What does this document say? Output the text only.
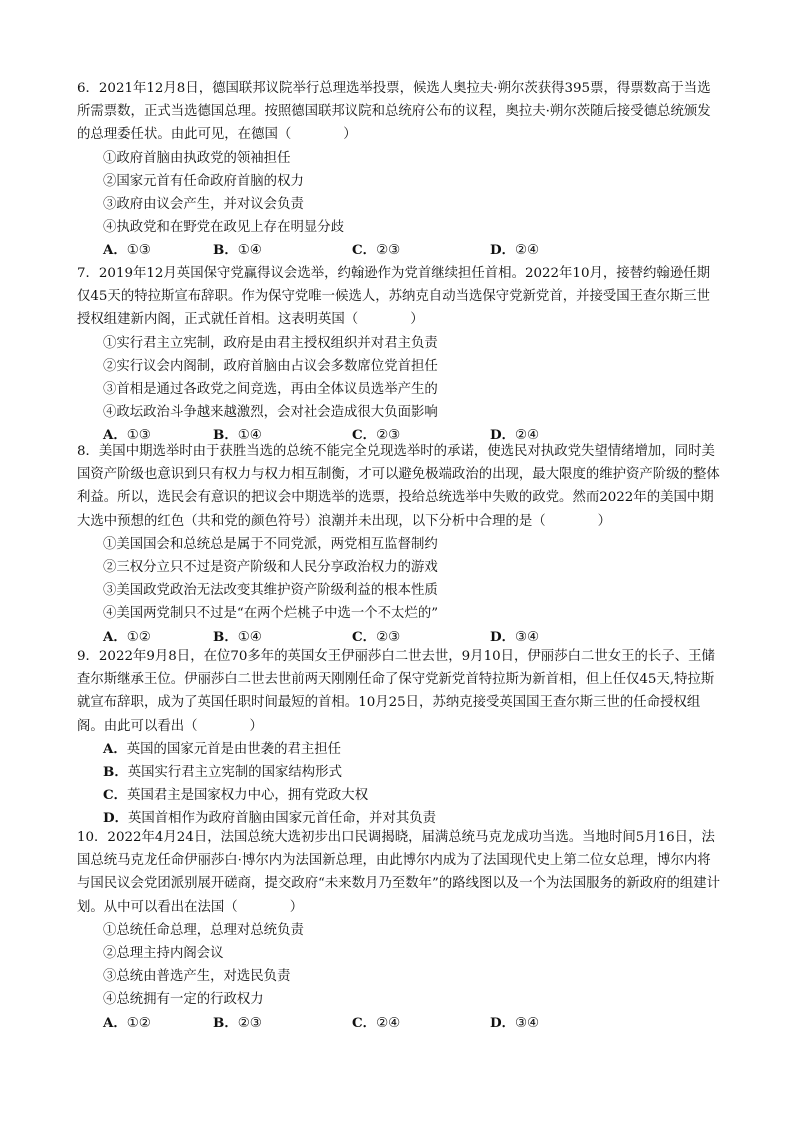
6．2021年12月8日，德国联邦议院举行总理选举投票，候选人奥拉夫·朔尔茨获得395票，得票数高于当选所需票数，正式当选德国总理。按照德国联邦议院和总统府公布的议程，奥拉夫·朔尔茨随后接受德总统颁发的总理委任状。由此可见，在德国（	）

①政府首脑由执政党的领袖担任

②国家元首有任命政府首脑的权力

③政府由议会产生，并对议会负责

④执政党和在野党在政见上存在明显分歧

A．①③	B．①④	C．②③	D．②④

7．2019年12月英国保守党赢得议会选举，约翰逊作为党首继续担任首相。2022年10月，接替约翰逊任期仅45天的特拉斯宣布辞职。作为保守党唯一候选人，苏纳克自动当选保守党新党首，并接受国王查尔斯三世授权组建新内阁，正式就任首相。这表明英国（	）

①实行君主立宪制，政府是由君主授权组织并对君主负责

②实行议会内阁制，政府首脑由占议会多数席位党首担任

③首相是通过各政党之间竞选，再由全体议员选举产生的

④政坛政治斗争越来越激烈，会对社会造成很大负面影响

A．①③	B．①④	C．②③	D．②④

8．美国中期选举时由于获胜当选的总统不能完全兑现选举时的承诺，使选民对执政党失望情绪增加，同时美国资产阶级也意识到只有权力与权力相互制衡，才可以避免极端政治的出现，最大限度的维护资产阶级的整体利益。所以，选民会有意识的把议会中期选举的选票，投给总统选举中失败的政党。然而2022年的美国中期大选中预想的红色（共和党的颜色符号）浪潮并未出现，以下分析中合理的是（	）

①美国国会和总统总是属于不同党派，两党相互监督制约

②三权分立只不过是资产阶级和人民分享政治权力的游戏

③美国政党政治无法改变其维护资产阶级利益的根本性质

④美国两党制只不过是“在两个烂桃子中选一个不太烂的”

A．①②	B．①④	C．②③	D．③④

9．2022年9月8日，在位70多年的英国女王伊丽莎白二世去世，9月10日，伊丽莎白二世女王的长子、王储查尔斯继承王位。伊丽莎白二世去世前两天刚刚任命了保守党新党首特拉斯为新首相，但上任仅45天,特拉斯就宣布辞职，成为了英国任职时间最短的首相。10月25日，苏纳克接受英国国王查尔斯三世的任命授权组阁。由此可以看出（	）

A．英国的国家元首是由世袭的君主担任
B．英国实行君主立宪制的国家结构形式
C．英国君主是国家权力中心，拥有党政大权
D．英国首相作为政府首脑由国家元首任命，并对其负责

10．2022年4月24日，法国总统大选初步出口民调揭晓，届满总统马克龙成功当选。当地时间5月16日，法国总统马克龙任命伊丽莎白·博尔内为法国新总理，由此博尔内成为了法国现代史上第二位女总理，博尔内将与国民议会党团派别展开磋商，提交政府“未来数月乃至数年”的路线图以及一个为法国服务的新政府的组建计划。从中可以看出在法国（	）

①总统任命总理，总理对总统负责

②总理主持内阁会议

③总统由普选产生，对选民负责

④总统拥有一定的行政权力

A．①②	B．②③	C．②④	D．③④
